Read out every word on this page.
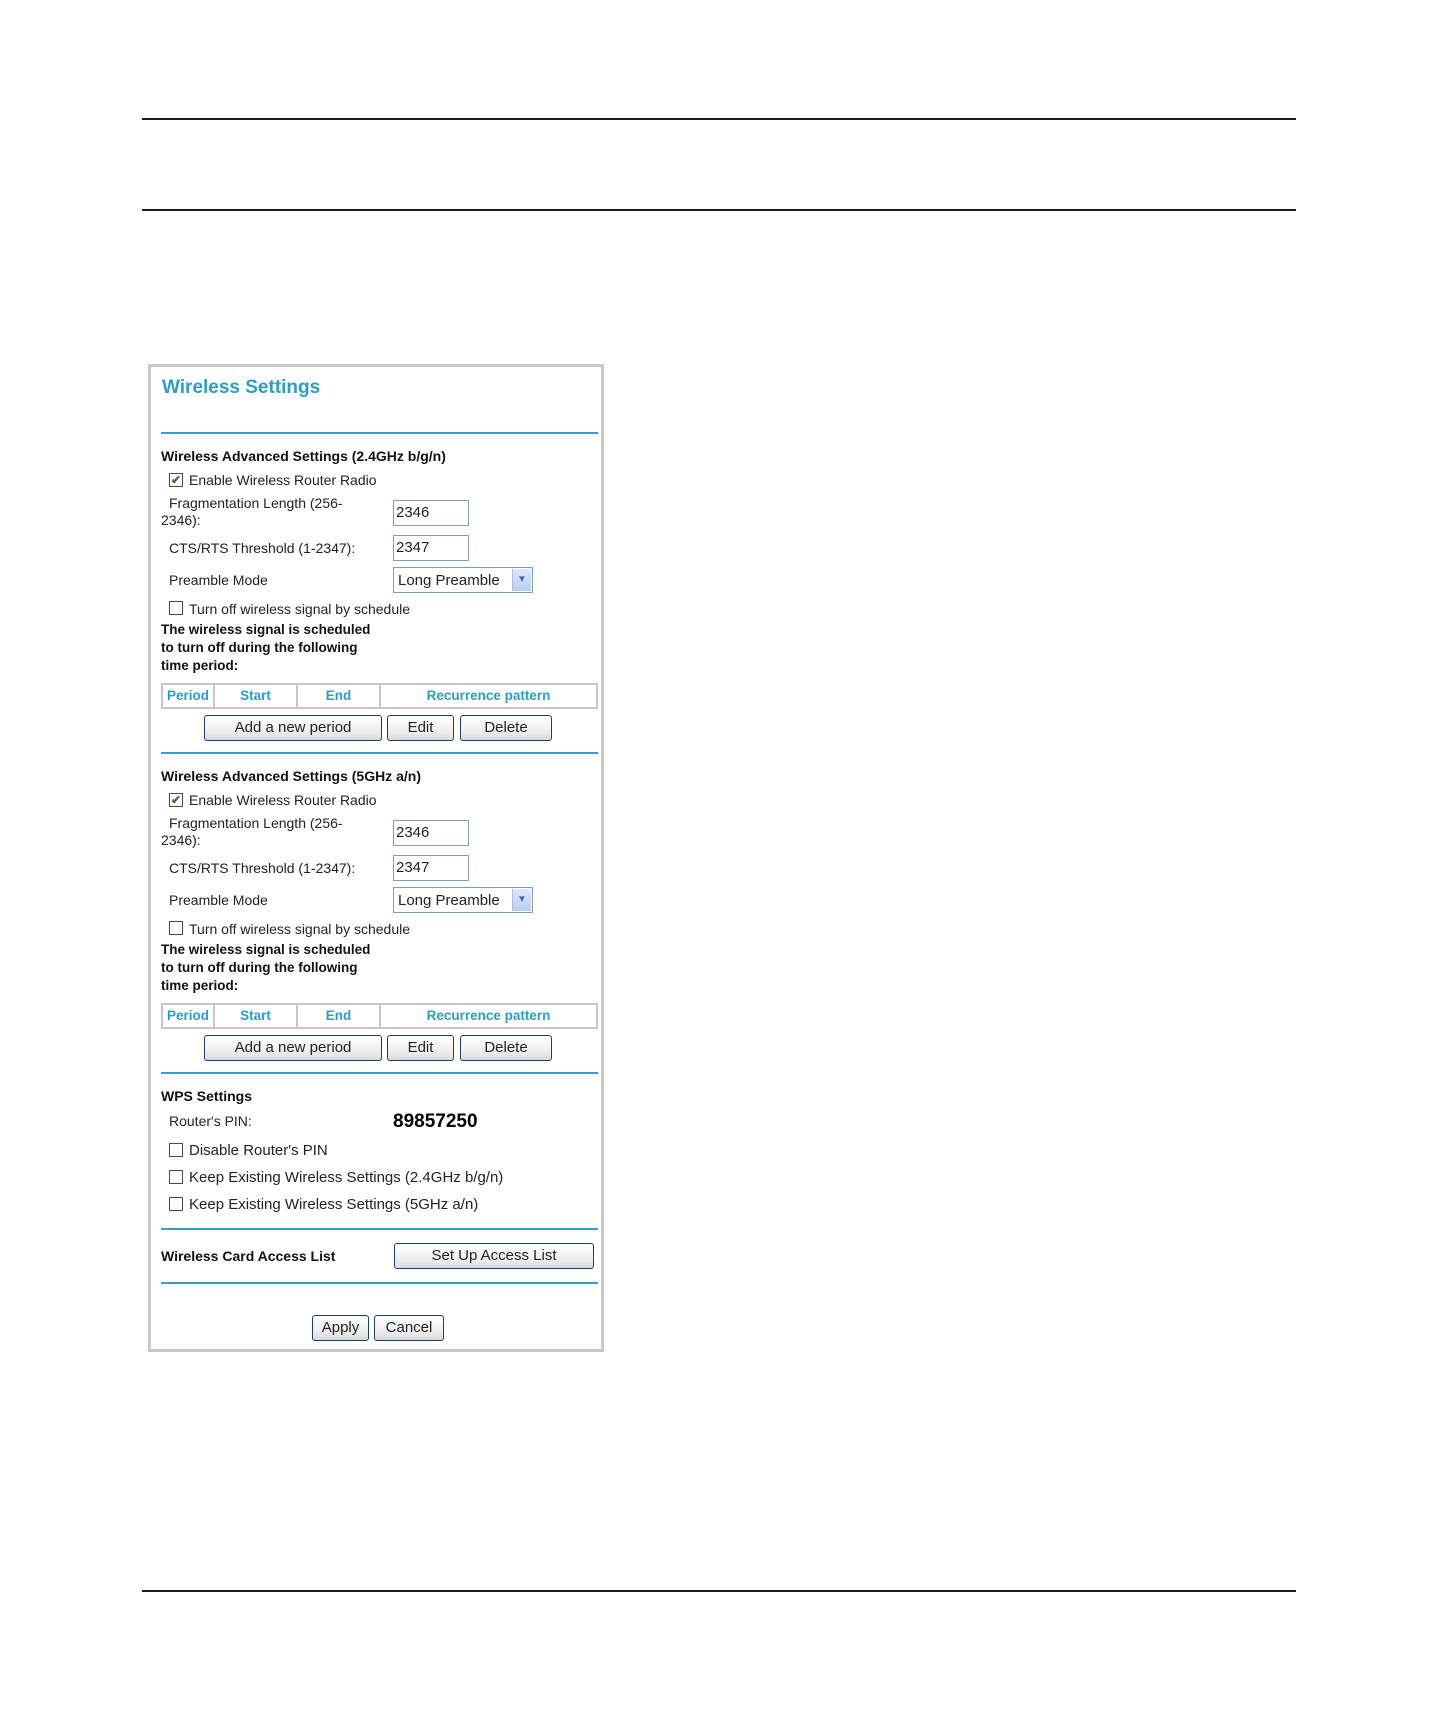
Wireless Settings
Wireless Advanced Settings (2.4GHz b/g/n)
✔ Enable Wireless Router Radio
Fragmentation Length (256-
2346):	2346
CTS/RTS Threshold (1-2347):	2347
Preamble Mode	Long Preamble	▼
Turn off wireless signal by schedule
The wireless signal is scheduled
to turn off during the following
time period:
Period	Start	End	Recurrence pattern
Add a new period	Edit	Delete
Wireless Advanced Settings (5GHz a/n)
✔ Enable Wireless Router Radio
Fragmentation Length (256-
2346):	2346
CTS/RTS Threshold (1-2347):	2347
Preamble Mode	Long Preamble	▼
Turn off wireless signal by schedule
The wireless signal is scheduled
to turn off during the following
time period:
Period	Start	End	Recurrence pattern
Add a new period	Edit	Delete
WPS Settings
Router's PIN:	89857250
Disable Router's PIN
Keep Existing Wireless Settings (2.4GHz b/g/n)
Keep Existing Wireless Settings (5GHz a/n)
Wireless Card Access List	Set Up Access List
Apply	Cancel
